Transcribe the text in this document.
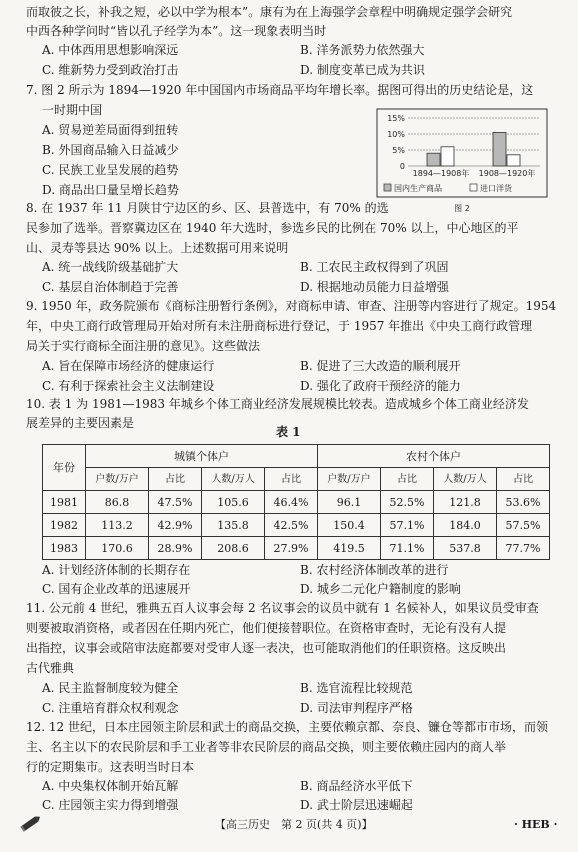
而取彼之长，补我之短，必以中学为根本”。康有为在上海强学会章程中明确规定强学会研究
中西各种学问时“皆以孔子经学为本”。这一现象表明当时
A. 中体西用思想影响深远	B. 洋务派势力依然强大
C. 维新势力受到政治打击	D. 制度变革已成为共识
7. 图 2 所示为 1894—1920 年中国国内市场商品平均年增长率。据图可得出的历史结论是，这
一时期中国
A. 贸易逆差局面得到扭转
B. 外国商品输入日益减少
C. 民族工业呈发展的趋势
D. 商品出口量呈增长趋势
15%
10%
5%
0
1894—1908年 1908—1920年
国内生产商品	进口洋货
图 2
8. 在 1937 年 11 月陕甘宁边区的乡、区、县普选中，有 70% 的选
民参加了选举。晋察冀边区在 1940 年大选时，参选乡民的比例在 70% 以上，中心地区的平
山、灵寿等县达 90% 以上。上述数据可用来说明
A. 统一战线阶级基础扩大	B. 工农民主政权得到了巩固
C. 基层自治体制趋于完善	D. 根据地动员能力日益增强
9. 1950 年，政务院颁布《商标注册暂行条例》，对商标申请、审查、注册等内容进行了规定。1954
年，中央工商行政管理局开始对所有未注册商标进行登记，于 1957 年推出《中央工商行政管理
局关于实行商标全面注册的意见》。这些做法
A. 旨在保障市场经济的健康运行	B. 促进了三大改造的顺利展开
C. 有利于探索社会主义法制建设	D. 强化了政府干预经济的能力
10. 表 1 为 1981—1983 年城乡个体工商业经济发展规模比较表。造成城乡个体工商业经济发
展差异的主要因素是
表 1
年份	城镇个体户				农村个体户			
	户数/万户	占比	人数/万人	占比	户数/万户	占比	人数/万人	占比
1981	86.8	47.5%	105.6	46.4%	96.1	52.5%	121.8	53.6%
1982	113.2	42.9%	135.8	42.5%	150.4	57.1%	184.0	57.5%
1983	170.6	28.9%	208.6	27.9%	419.5	71.1%	537.8	77.7%
A. 计划经济体制的长期存在	B. 农村经济体制改革的进行
C. 国有企业改革的迅速展开	D. 城乡二元化户籍制度的影响
11. 公元前 4 世纪，雅典五百人议事会每 2 名议事会的议员中就有 1 名候补人，如果议员受审查
则要被取消资格，或者因在任期内死亡，他们便接替职位。在资格审查时，无论有没有人提
出指控，议事会或陪审法庭都要对受审人逐一表决，也可能取消他们的任职资格。这反映出
古代雅典
A. 民主监督制度较为健全	B. 选官流程比较规范
C. 注重培育群众权利观念	D. 司法审判程序严格
12. 12 世纪，日本庄园领主阶层和武士的商品交换，主要依赖京都、奈良、镰仓等都市市场，而领
主、名主以下的农民阶层和手工业者等非农民阶层的商品交换，则主要依赖庄园内的商人举
行的定期集市。这表明当时日本
A. 中央集权体制开始瓦解	B. 商品经济水平低下
C. 庄园领主实力得到增强	D. 武士阶层迅速崛起
【高三历史　第 2 页(共 4 页)】	· HEB ·
